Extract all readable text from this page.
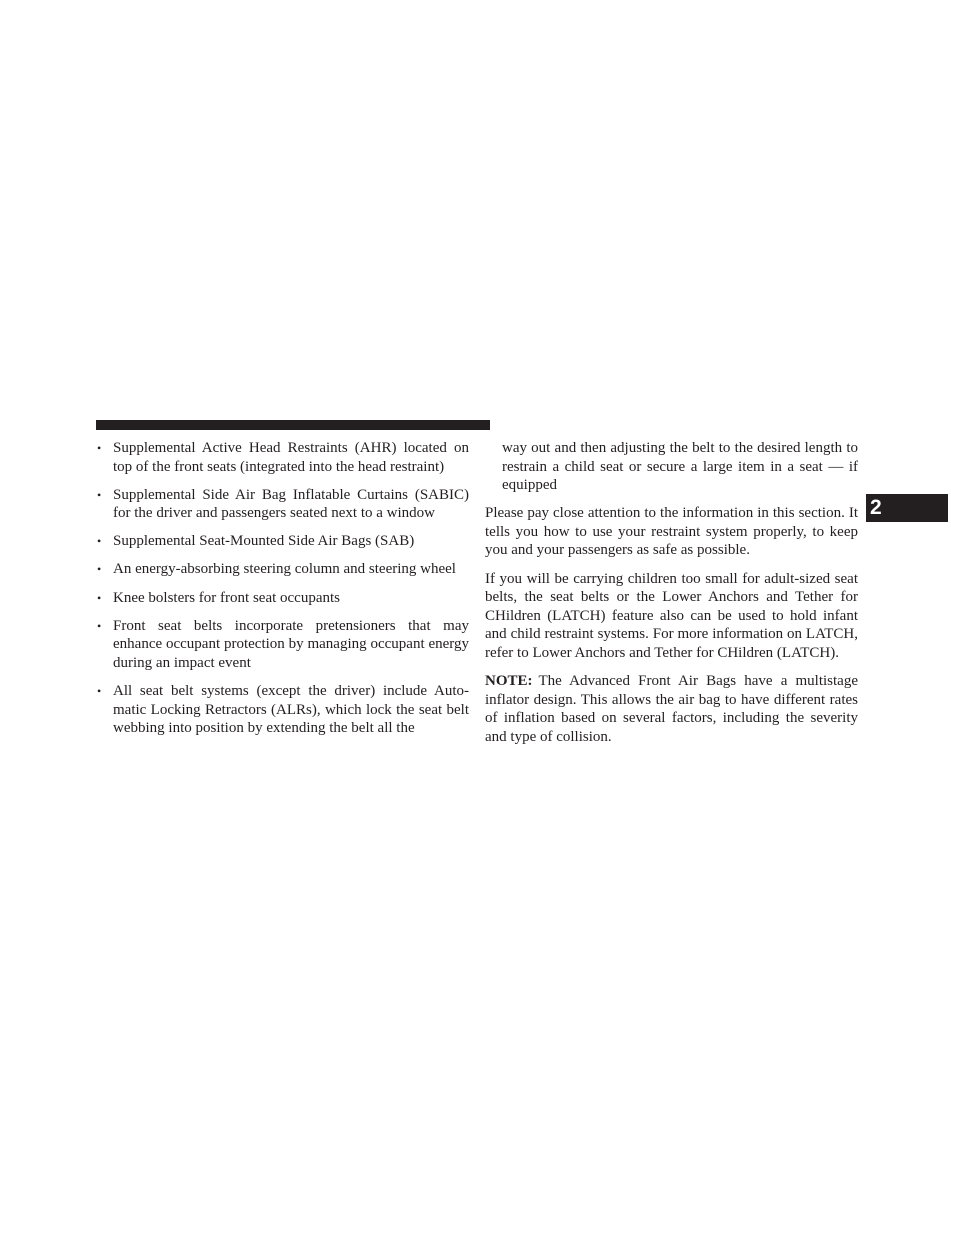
2
• Supplemental Active Head Restraints (AHR) located on top of the front seats (integrated into the head restraint)
• Supplemental Side Air Bag Inflatable Curtains (SABIC) for the driver and passengers seated next to a window
• Supplemental Seat-Mounted Side Air Bags (SAB)
• An energy-absorbing steering column and steering wheel
• Knee bolsters for front seat occupants
• Front seat belts incorporate pretensioners that may enhance occupant protection by managing occupant energy during an impact event
• All seat belt systems (except the driver) include Auto-matic Locking Retractors (ALRs), which lock the seat belt webbing into position by extending the belt all the

way out and then adjusting the belt to the desired length to restrain a child seat or secure a large item in a seat — if equipped

Please pay close attention to the information in this section. It tells you how to use your restraint system properly, to keep you and your passengers as safe as possible.

If you will be carrying children too small for adult-sized seat belts, the seat belts or the Lower Anchors and Tether for CHildren (LATCH) feature also can be used to hold infant and child restraint systems. For more information on LATCH, refer to Lower Anchors and Tether for CHildren (LATCH).

NOTE: The Advanced Front Air Bags have a multistage inflator design. This allows the air bag to have different rates of inflation based on several factors, including the severity and type of collision.
